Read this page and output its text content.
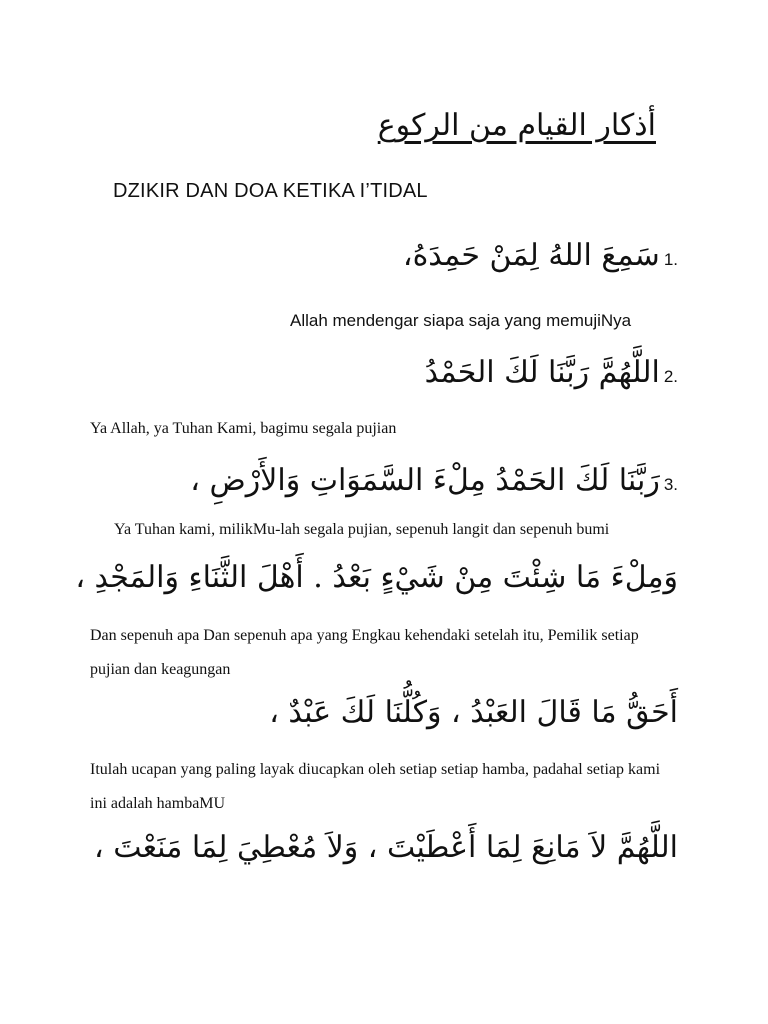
أذكار القيام من الركوع
DZIKIR DAN DOA KETIKA I’TIDAL
سَمِعَ اللهُ لِمَنْ حَمِدَهُ، 1.
Allah mendengar siapa saja yang memujiNya
اللَّهُمَّ رَبَّنَا لَكَ الحَمْدُ 2.
Ya Allah, ya Tuhan Kami, bagimu segala pujian
رَبَّنَا لَكَ الحَمْدُ مِلْءَ السَّمَوَاتِ وَالأَرْضِ ، 3.
Ya Tuhan kami, milikMu-lah segala pujian, sepenuh langit dan sepenuh bumi
وَمِلْءَ مَا شِئْتَ مِنْ شَيْءٍ بَعْدُ . أَهْلَ الثَّنَاءِ وَالمَجْدِ ،
Dan sepenuh apa Dan sepenuh apa yang Engkau kehendaki setelah itu, Pemilik setiap pujian dan keagungan
أَحَقُّ مَا قَالَ العَبْدُ ، وَكُلُّنَا لَكَ عَبْدٌ ،
Itulah ucapan yang paling layak diucapkan oleh setiap setiap hamba, padahal setiap kami ini adalah hambaMU
اللَّهُمَّ لاَ مَانِعَ لِمَا أَعْطَيْتَ ، وَلاَ مُعْطِيَ لِمَا مَنَعْتَ ،
